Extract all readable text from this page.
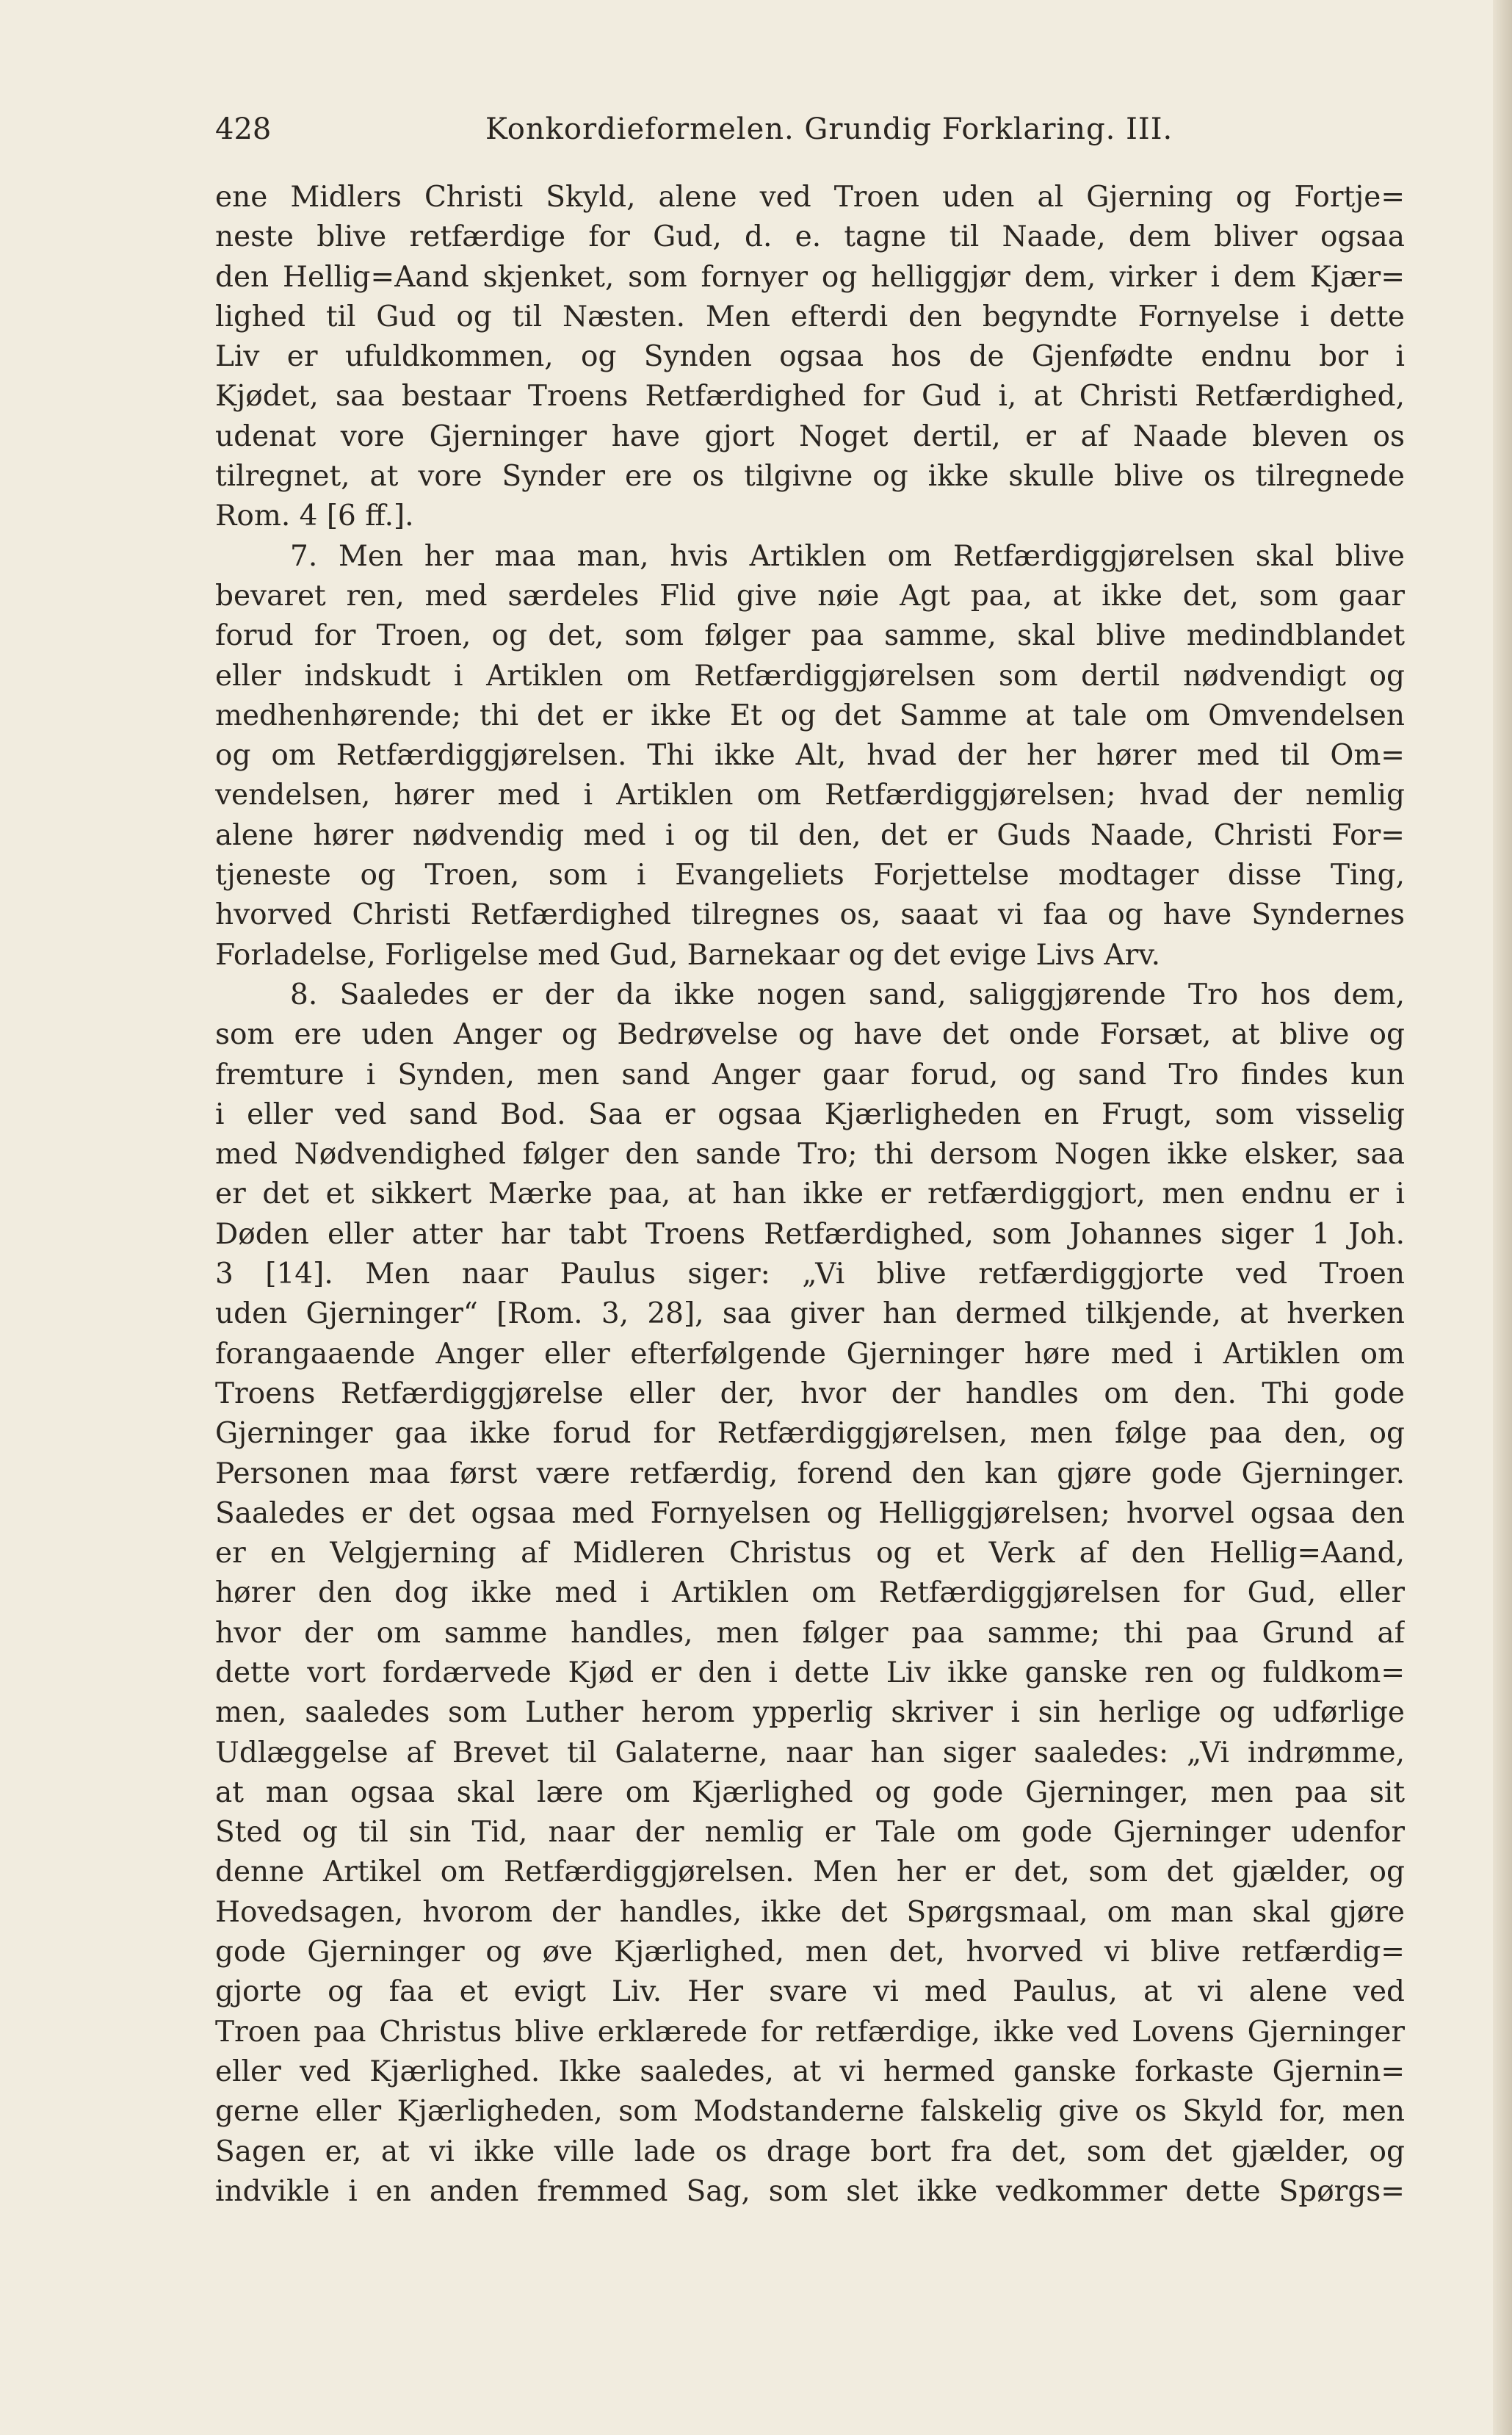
428	Konkordieformelen. Grundig Forklaring. III.
ene Midlers Christi Skyld, alene ved Troen uden al Gjerning og Fortje=
neste blive retfærdige for Gud, d. e. tagne til Naade, dem bliver ogsaa
den Hellig=Aand skjenket, som fornyer og helliggjør dem, virker i dem Kjær=
lighed til Gud og til Næsten. Men efterdi den begyndte Fornyelse i dette
Liv er ufuldkommen, og Synden ogsaa hos de Gjenfødte endnu bor i
Kjødet, saa bestaar Troens Retfærdighed for Gud i, at Christi Retfærdighed,
udenat vore Gjerninger have gjort Noget dertil, er af Naade bleven os
tilregnet, at vore Synder ere os tilgivne og ikke skulle blive os tilregnede
Rom. 4 [6 ff.].
7. Men her maa man, hvis Artiklen om Retfærdiggjørelsen skal blive
bevaret ren, med særdeles Flid give nøie Agt paa, at ikke det, som gaar
forud for Troen, og det, som følger paa samme, skal blive medindblandet
eller indskudt i Artiklen om Retfærdiggjørelsen som dertil nødvendigt og
medhenhørende; thi det er ikke Et og det Samme at tale om Omvendelsen
og om Retfærdiggjørelsen. Thi ikke Alt, hvad der her hører med til Om=
vendelsen, hører med i Artiklen om Retfærdiggjørelsen; hvad der nemlig
alene hører nødvendig med i og til den, det er Guds Naade, Christi For=
tjeneste og Troen, som i Evangeliets Forjettelse modtager disse Ting,
hvorved Christi Retfærdighed tilregnes os, saaat vi faa og have Syndernes
Forladelse, Forligelse med Gud, Barnekaar og det evige Livs Arv.
8. Saaledes er der da ikke nogen sand, saliggjørende Tro hos dem,
som ere uden Anger og Bedrøvelse og have det onde Forsæt, at blive og
fremture i Synden, men sand Anger gaar forud, og sand Tro findes kun
i eller ved sand Bod. Saa er ogsaa Kjærligheden en Frugt, som visselig
med Nødvendighed følger den sande Tro; thi dersom Nogen ikke elsker, saa
er det et sikkert Mærke paa, at han ikke er retfærdiggjort, men endnu er i
Døden eller atter har tabt Troens Retfærdighed, som Johannes siger 1 Joh.
3 [14]. Men naar Paulus siger: „Vi blive retfærdiggjorte ved Troen
uden Gjerninger“ [Rom. 3, 28], saa giver han dermed tilkjende, at hverken
forangaaende Anger eller efterfølgende Gjerninger høre med i Artiklen om
Troens Retfærdiggjørelse eller der, hvor der handles om den. Thi gode
Gjerninger gaa ikke forud for Retfærdiggjørelsen, men følge paa den, og
Personen maa først være retfærdig, forend den kan gjøre gode Gjerninger.
Saaledes er det ogsaa med Fornyelsen og Helliggjørelsen; hvorvel ogsaa den
er en Velgjerning af Midleren Christus og et Verk af den Hellig=Aand,
hører den dog ikke med i Artiklen om Retfærdiggjørelsen for Gud, eller
hvor der om samme handles, men følger paa samme; thi paa Grund af
dette vort fordærvede Kjød er den i dette Liv ikke ganske ren og fuldkom=
men, saaledes som Luther herom ypperlig skriver i sin herlige og udførlige
Udlæggelse af Brevet til Galaterne, naar han siger saaledes: „Vi indrømme,
at man ogsaa skal lære om Kjærlighed og gode Gjerninger, men paa sit
Sted og til sin Tid, naar der nemlig er Tale om gode Gjerninger udenfor
denne Artikel om Retfærdiggjørelsen. Men her er det, som det gjælder, og
Hovedsagen, hvorom der handles, ikke det Spørgsmaal, om man skal gjøre
gode Gjerninger og øve Kjærlighed, men det, hvorved vi blive retfærdig=
gjorte og faa et evigt Liv. Her svare vi med Paulus, at vi alene ved
Troen paa Christus blive erklærede for retfærdige, ikke ved Lovens Gjerninger
eller ved Kjærlighed. Ikke saaledes, at vi hermed ganske forkaste Gjernin=
gerne eller Kjærligheden, som Modstanderne falskelig give os Skyld for, men
Sagen er, at vi ikke ville lade os drage bort fra det, som det gjælder, og
indvikle i en anden fremmed Sag, som slet ikke vedkommer dette Spørgs=
